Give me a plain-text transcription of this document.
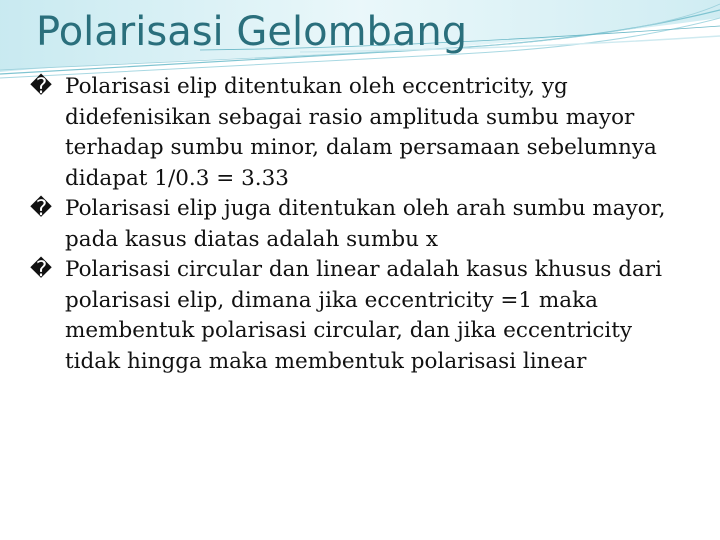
Polarisasi Gelombang

� Polarisasi elip ditentukan oleh eccentricity, yg didefenisikan sebagai rasio amplituda sumbu mayor terhadap sumbu minor, dalam persamaan sebelumnya didapat 1/0.3 = 3.33

� Polarisasi elip juga ditentukan oleh arah sumbu mayor, pada kasus diatas adalah sumbu x

� Polarisasi circular dan linear adalah kasus khusus dari polarisasi elip, dimana jika eccentricity =1 maka membentuk polarisasi circular, dan jika eccentricity tidak hingga maka membentuk polarisasi linear
